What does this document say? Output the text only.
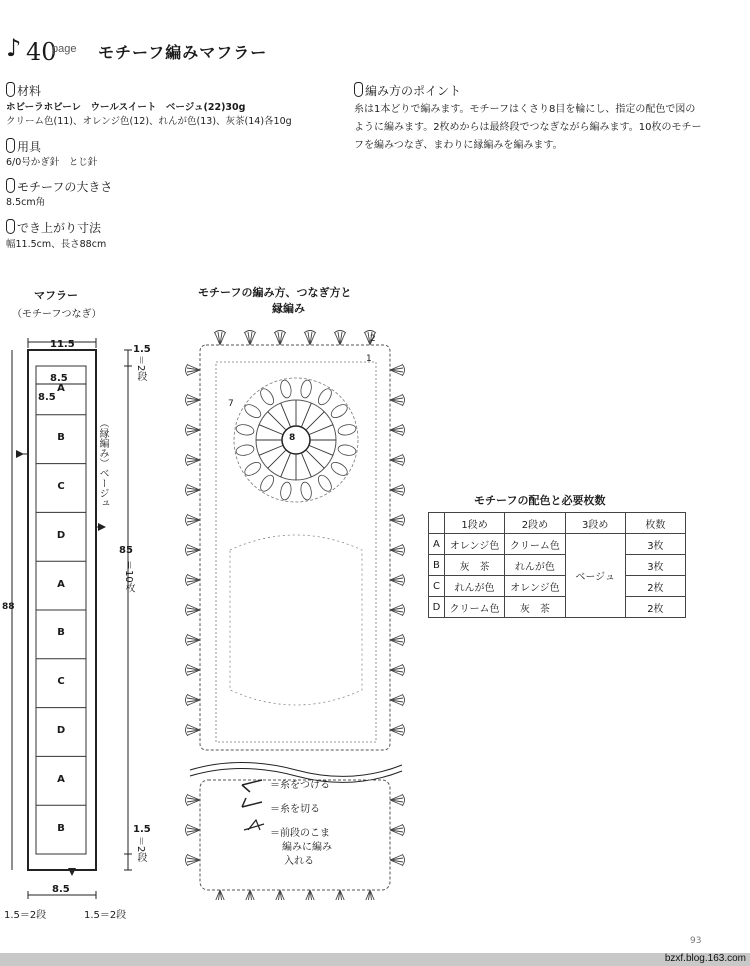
♪ 40
page モチーフ編みマフラー
材料
ホビーラホビーレ　ウールスイート　ベージュ(22)30g
クリーム色(11)、オレンジ色(12)、れんが色(13)、灰茶(14)各10g
用具
6/0号かぎ針　とじ針
モチーフの大きさ
8.5cm角
でき上がり寸法
幅11.5cm、長さ88cm
編み方のポイント
糸は1本どりで編みます。モチーフはくさり8目を輪にし、指定の配色で図のように編みます。2枚めからは最終段でつなぎながら編みます。10枚のモチーフを編みつなぎ、まわりに縁編みを編みます。
マフラー
（モチーフつなぎ）
11.5
8.5
8.5
（縁編み）ベージュ
1.5
＝2段
85
＝10枚
1.5
＝2段
88
8.5
1.5＝2段	1.5＝2段
A
B
C
D
A
B
C
D
A
B
モチーフの編み方、つなぎ方と
縁編み
8
1
2
7
＝糸をつける
＝糸を切る
＝前段のこま
編みに編み
入れる
モチーフの配色と必要枚数
	1段め	2段め	3段め	枚数
A	オレンジ色	クリーム色	ベージュ	3枚
B	灰　茶	れんが色		3枚
C	れんが色	オレンジ色		2枚
D	クリーム色	灰　茶		2枚
93
bzxf.blog.163.com
